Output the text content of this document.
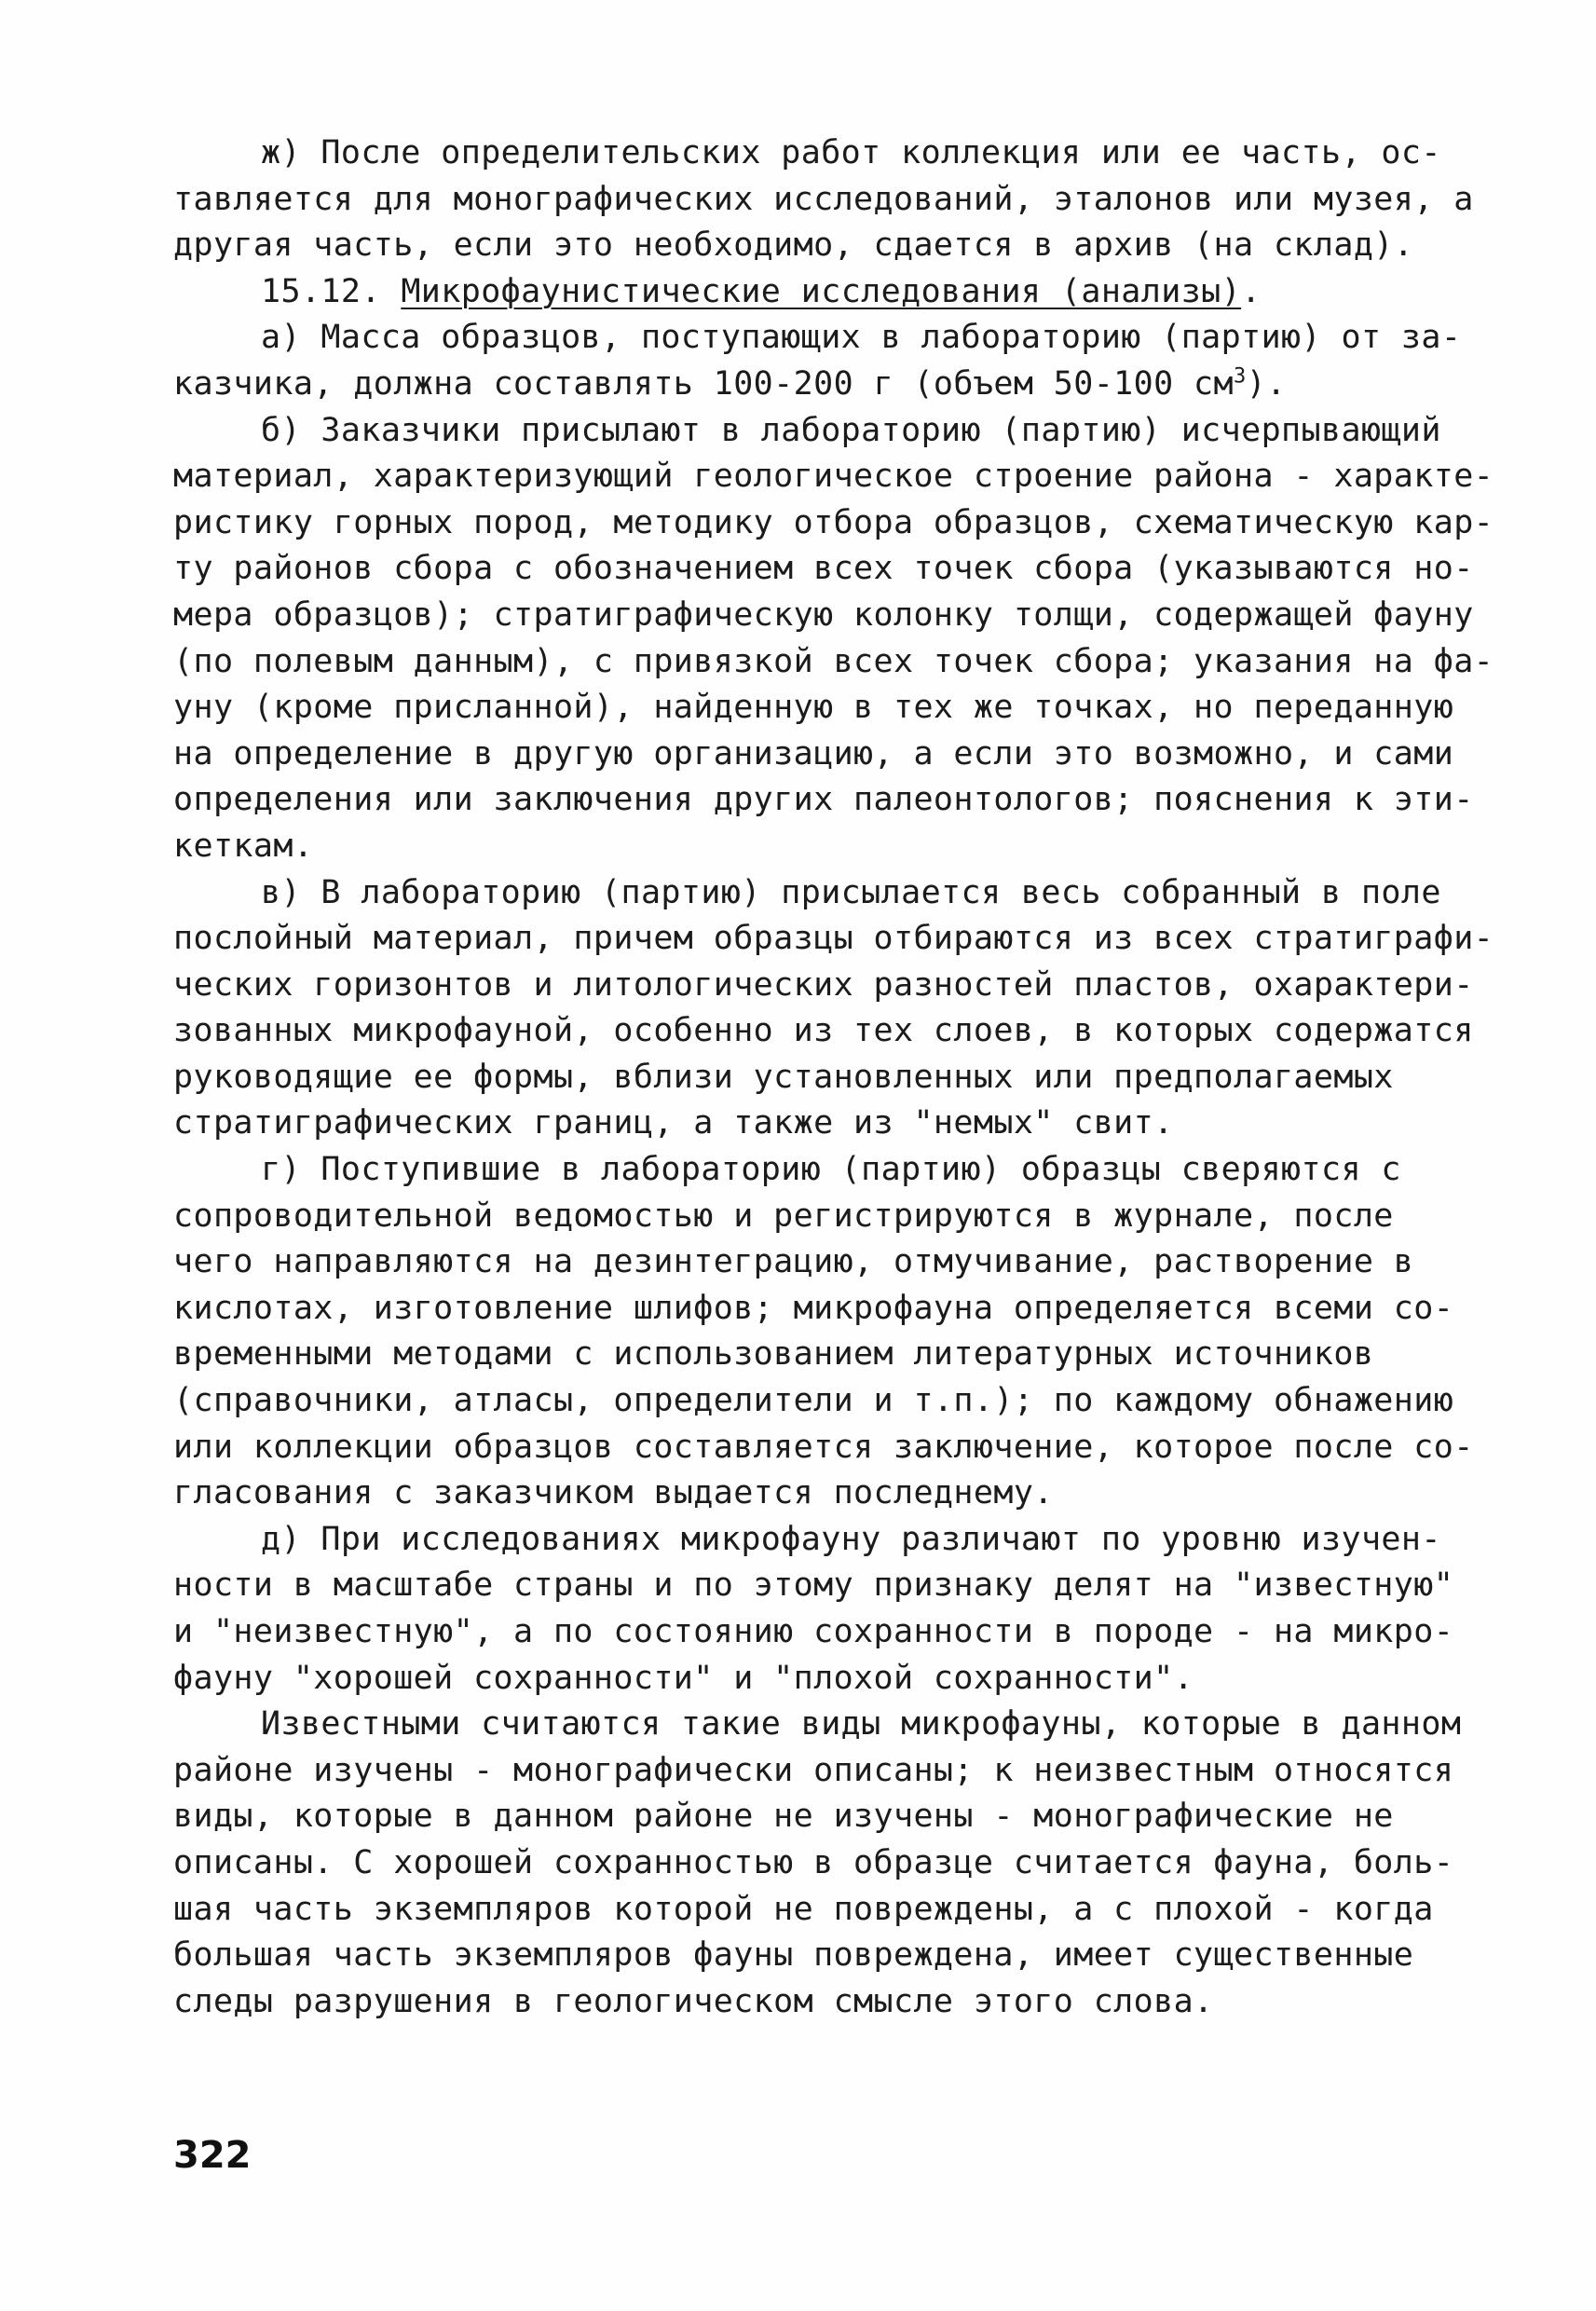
ж) После определительских работ коллекция или ее часть, ос-
тавляется для монографических исследований, эталонов или музея, а
другая часть, если это необходимо, сдается в архив (на склад).
15.12. Микрофаунистические исследования (анализы).
а) Масса образцов, поступающих в лабораторию (партию) от за-
казчика, должна составлять 100-200 г (объем 50-100 $см^3$).
б) Заказчики присылают в лабораторию (партию) исчерпывающий
материал, характеризующий геологическое строение района - характе-
ристику горных пород, методику отбора образцов, схематическую кар-
ту районов сбора с обозначением всех точек сбора (указываются но-
мера образцов); стратиграфическую колонку толщи, содержащей фауну
(по полевым данным), с привязкой всех точек сбора; указания на фа-
уну (кроме присланной), найденную в тех же точках, но переданную
на определение в другую организацию, а если это возможно, и сами
определения или заключения других палеонтологов; пояснения к эти-
кеткам.
в) В лабораторию (партию) присылается весь собранный в поле
послойный материал, причем образцы отбираются из всех стратиграфи-
ческих горизонтов и литологических разностей пластов, охарактери-
зованных микрофауной, особенно из тех слоев, в которых содержатся
руководящие ее формы, вблизи установленных или предполагаемых
стратиграфических границ, а также из "немых" свит.
г) Поступившие в лабораторию (партию) образцы сверяются с
сопроводительной ведомостью и регистрируются в журнале, после
чего направляются на дезинтеграцию, отмучивание, растворение в
кислотах, изготовление шлифов; микрофауна определяется всеми со-
временными методами с использованием литературных источников
(справочники, атласы, определители и т.п.); по каждому обнажению
или коллекции образцов составляется заключение, которое после со-
гласования с заказчиком выдается последнему.
д) При исследованиях микрофауну различают по уровню изучен-
ности в масштабе страны и по этому признаку делят на "известную"
и "неизвестную", а по состоянию сохранности в породе - на микро-
фауну "хорошей сохранности" и "плохой сохранности".
Известными считаются такие виды микрофауны, которые в данном
районе изучены - монографически описаны; к неизвестным относятся
виды, которые в данном районе не изучены - монографические не
описаны. С хорошей сохранностью в образце считается фауна, боль-
шая часть экземпляров которой не повреждены, а с плохой - когда
большая часть экземпляров фауны повреждена, имеет существенные
следы разрушения в геологическом смысле этого слова.
322
